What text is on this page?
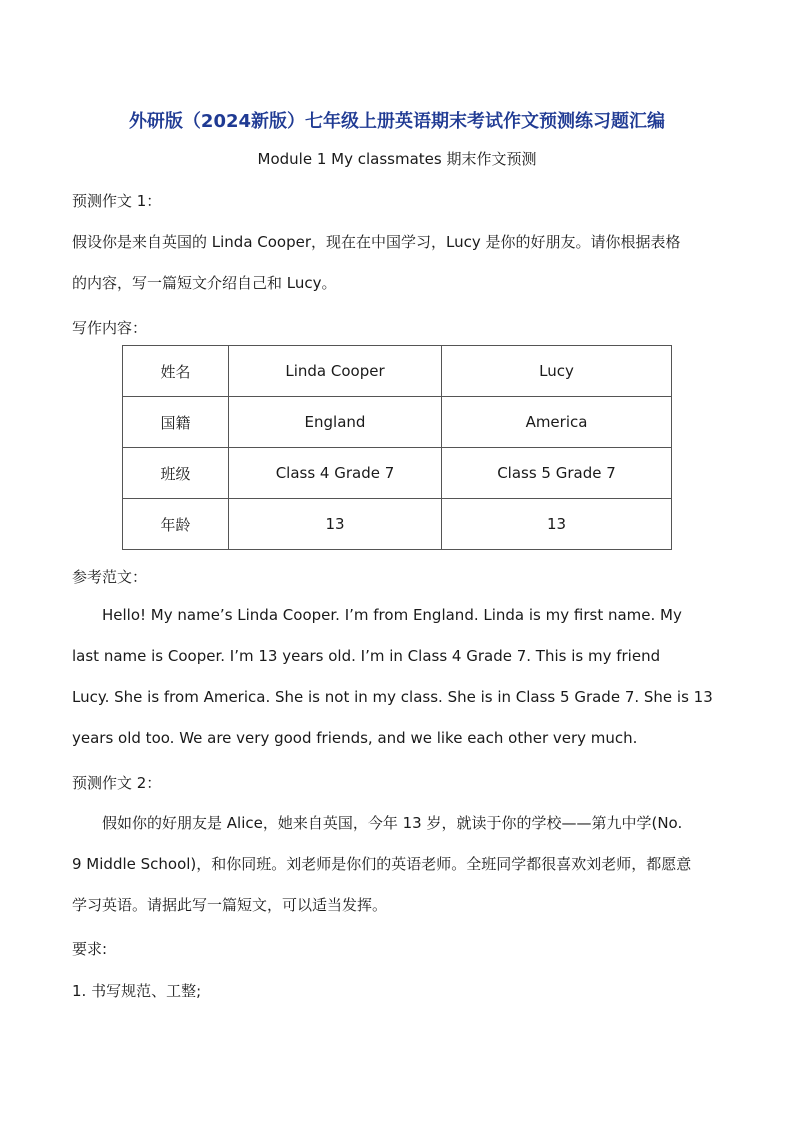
外研版（2024新版）七年级上册英语期末考试作文预测练习题汇编
Module 1 My classmates 期末作文预测
预测作文 1：
假设你是来自英国的 Linda Cooper，现在在中国学习，Lucy 是你的好朋友。请你根据表格
的内容，写一篇短文介绍自己和 Lucy。
写作内容：
姓名	Linda Cooper	Lucy
国籍	England	America
班级	Class 4 Grade 7	Class 5 Grade 7
年龄	13	13
参考范文：
Hello! My name’s Linda Cooper. I’m from England. Linda is my first name. My
last name is Cooper. I’m 13 years old. I’m in Class 4 Grade 7. This is my friend
Lucy. She is from America. She is not in my class. She is in Class 5 Grade 7. She is 13
years old too. We are very good friends, and we like each other very much.
预测作文 2：
假如你的好朋友是 Alice，她来自英国，今年 13 岁，就读于你的学校——第九中学(No.
9 Middle School)，和你同班。刘老师是你们的英语老师。全班同学都很喜欢刘老师，都愿意
学习英语。请据此写一篇短文，可以适当发挥。
要求:
1. 书写规范、工整;
